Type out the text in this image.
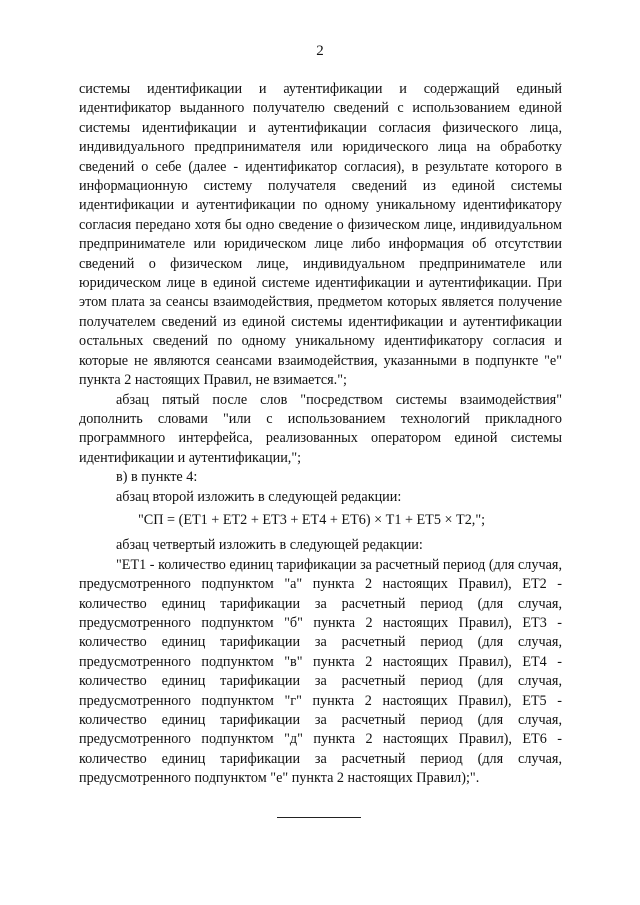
2

системы идентификации и аутентификации и содержащий единый идентификатор выданного получателю сведений с использованием единой системы идентификации и аутентификации согласия физического лица, индивидуального предпринимателя или юридического лица на обработку сведений о себе (далее - идентификатор согласия), в результате которого в информационную систему получателя сведений из единой системы идентификации и аутентификации по одному уникальному идентификатору согласия передано хотя бы одно сведение о физическом лице, индивидуальном предпринимателе или юридическом лице либо информация об отсутствии сведений о физическом лице, индивидуальном предпринимателе или юридическом лице в единой системе идентификации и аутентификации. При этом плата за сеансы взаимодействия, предметом которых является получение получателем сведений из единой системы идентификации и аутентификации остальных сведений по одному уникальному идентификатору согласия и которые не являются сеансами взаимодействия, указанными в подпункте "е" пункта 2 настоящих Правил, не взимается.";

абзац пятый после слов "посредством системы взаимодействия" дополнить словами "или с использованием технологий прикладного программного интерфейса, реализованных оператором единой системы идентификации и аутентификации,";

в) в пункте 4:

абзац второй изложить в следующей редакции:

"СП = (ЕТ1 + ЕТ2 + ЕТ3 + ЕТ4 + ЕТ6) × Т1 + ЕТ5 × Т2,";

абзац четвертый изложить в следующей редакции:

"ЕТ1 - количество единиц тарификации за расчетный период (для случая, предусмотренного подпунктом "а" пункта 2 настоящих Правил), ЕТ2 - количество единиц тарификации за расчетный период (для случая, предусмотренного подпунктом "б" пункта 2 настоящих Правил), ЕТ3 - количество единиц тарификации за расчетный период (для случая, предусмотренного подпунктом "в" пункта 2 настоящих Правил), ЕТ4 - количество единиц тарификации за расчетный период (для случая, предусмотренного подпунктом "г" пункта 2 настоящих Правил), ЕТ5 - количество единиц тарификации за расчетный период (для случая, предусмотренного подпунктом "д" пункта 2 настоящих Правил), ЕТ6 - количество единиц тарификации за расчетный период (для случая, предусмотренного подпунктом "е" пункта 2 настоящих Правил);".
